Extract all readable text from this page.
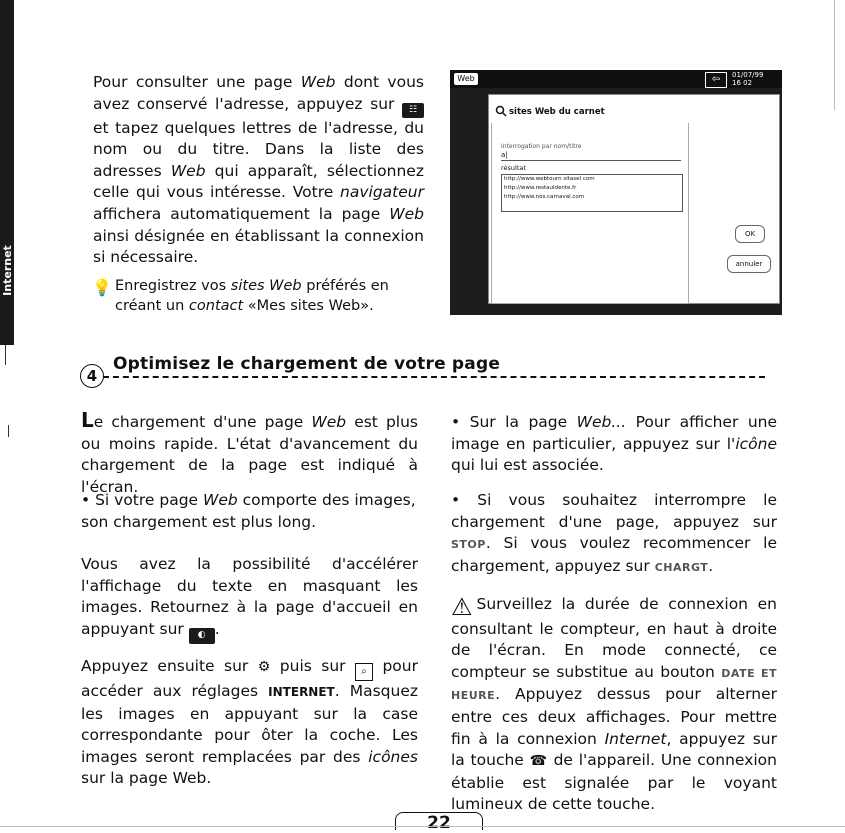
Internet
Pour consulter une page Web dont vous avez conservé l'adresse, appuyez sur ☷ et tapez quelques lettres de l'adresse, du nom ou du titre. Dans la liste des adresses Web qui apparaît, sélectionnez celle qui vous intéresse. Votre navigateur affichera automatiquement la page Web ainsi désignée en établissant la connexion si nécessaire.
💡 Enregistrez vos sites Web préférés en créant un contact «Mes sites Web».
Web	⇦	01/07/99
16 02
sites Web du carnet
Interrogation par nom/titre
a|
résultat
http://www.webtourn sitasel com
http://www.restauldente.fr
http://www.nos.carnaval.com
OK
annuler
4
Optimisez le chargement de votre page
Le chargement d'une page Web est plus ou moins rapide. L'état d'avancement du chargement de la page est indiqué à l'écran.
• Si votre page Web comporte des images, son chargement est plus long.
Vous avez la possibilité d'accélérer l'affichage du texte en masquant les images. Retournez à la page d'accueil en appuyant sur ◐ .
Appuyez ensuite sur ⚙ puis sur ⌕ pour accéder aux réglages INTERNET. Masquez les images en appuyant sur la case correspondante pour ôter la coche. Les images seront remplacées par des icônes sur la page Web.
• Sur la page Web... Pour afficher une image en particulier, appuyez sur l'icône qui lui est associée.
• Si vous souhaitez interrompre le chargement d'une page, appuyez sur STOP. Si vous voulez recommencer le chargement, appuyez sur CHARGT.
⚠ Surveillez la durée de connexion en consultant le compteur, en haut à droite de l'écran. En mode connecté, ce compteur se substitue au bouton DATE ET HEURE. Appuyez dessus pour alterner entre ces deux affichages. Pour mettre fin à la connexion Internet, appuyez sur la touche ☎ de l'appareil. Une connexion établie est signalée par le voyant lumineux de cette touche.
22
